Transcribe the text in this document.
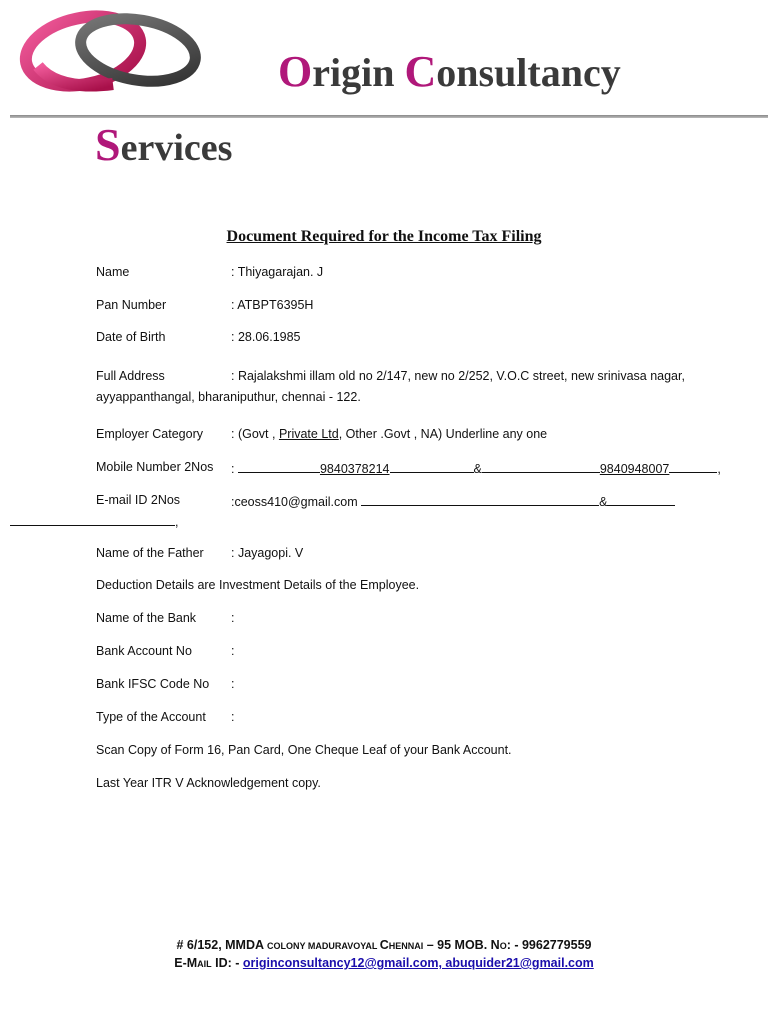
Origin Consultancy
Services
Document Required for the Income Tax Filing
Name	: Thiyagarajan. J
Pan Number	: ATBPT6395H
Date of Birth	: 28.06.1985
Full Address	: Rajalakshmi illam old no 2/147, new no 2/252, V.O.C street, new srinivasa nagar,
ayyappanthangal, bharaniputhur, chennai - 122.
Employer Category : (Govt , Private Ltd, Other .Govt , NA) Underline any one
Mobile Number 2Nos :	9840378214	&	9840948007	,
E-mail ID 2Nos	:ceoss410@gmail.com	&
,
Name of the Father : Jayagopi. V
Deduction Details are Investment Details of the Employee.
Name of the Bank	:
Bank Account No	:
Bank IFSC Code No :
Type of the Account :
Scan Copy of Form 16, Pan Card, One Cheque Leaf of your Bank Account.
Last Year ITR V Acknowledgement copy.
# 6/152, MMDA COLONY MADURAVOYAL CHENNAI – 95 MOB. NO: - 9962779559
E-MAIL ID: - originconsultancy12@gmail.com, abuquider21@gmail.com
